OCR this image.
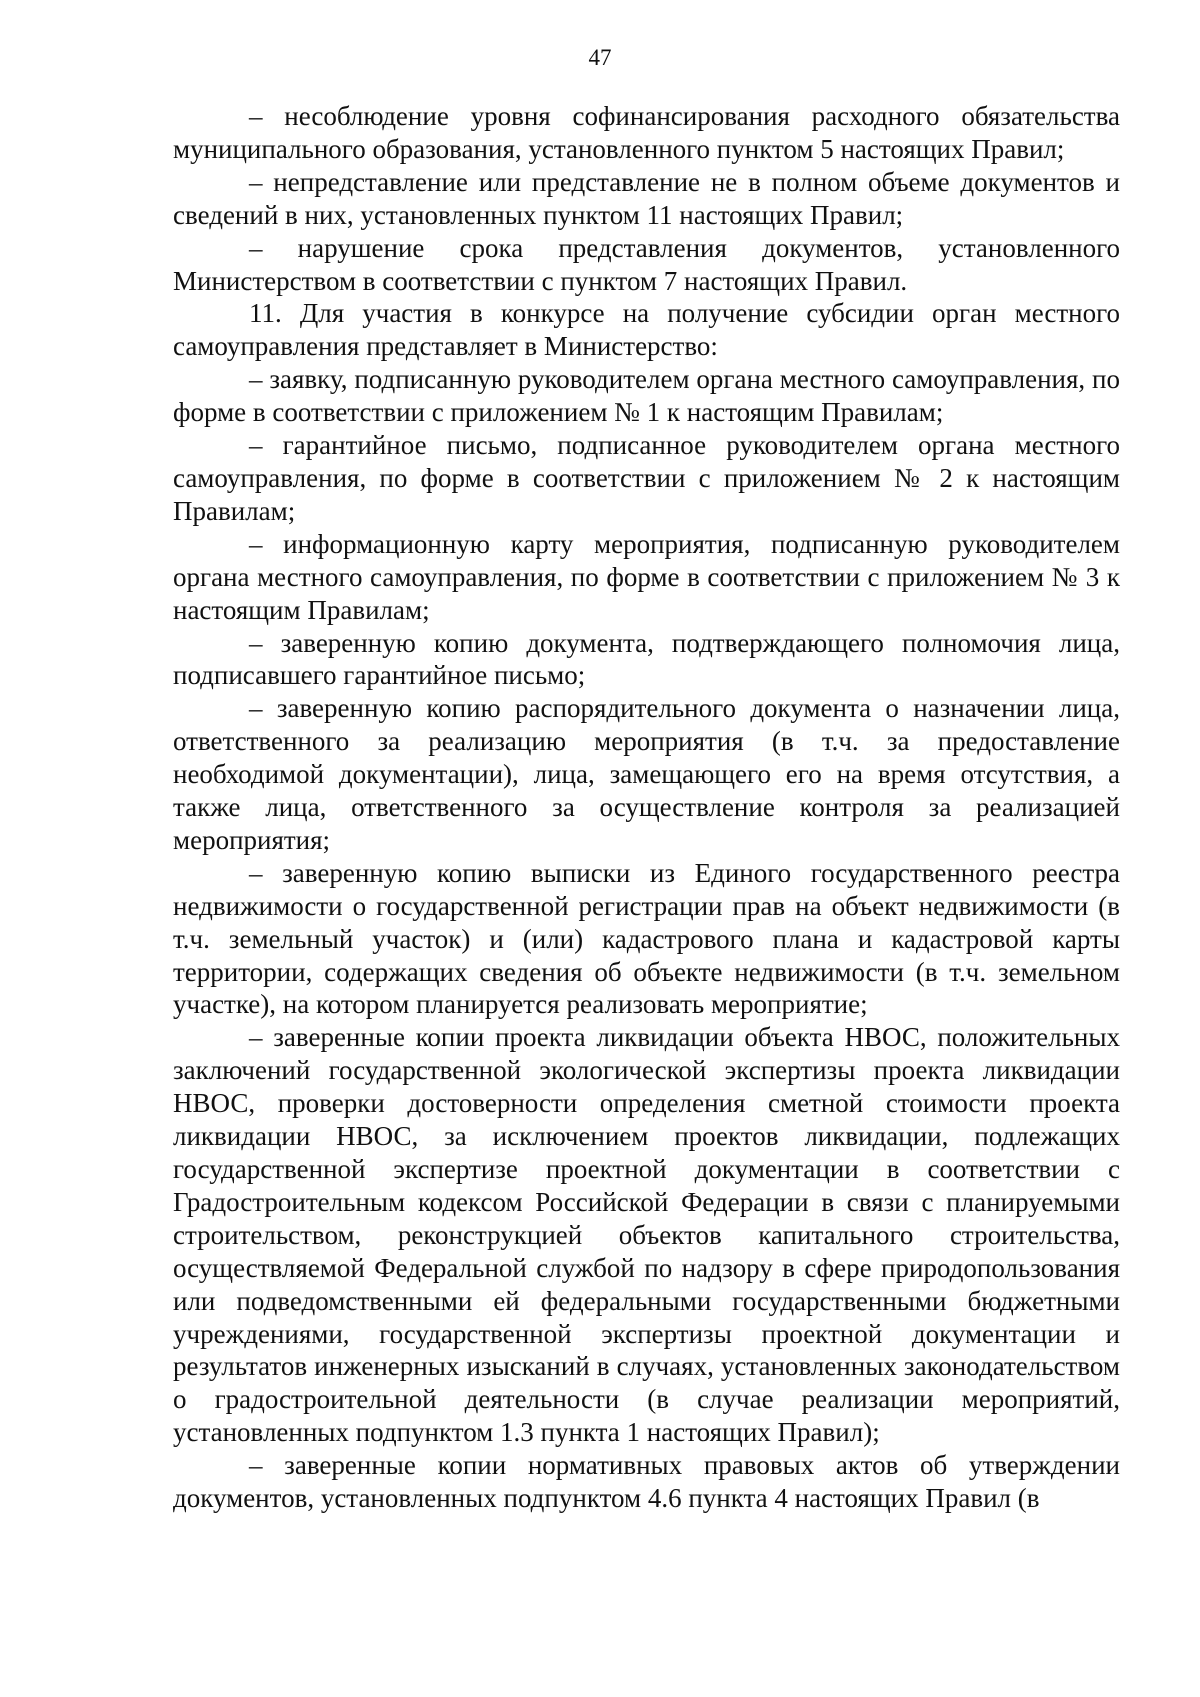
47

– несоблюдение уровня софинансирования расходного обязательства муниципального образования, установленного пунктом 5 настоящих Правил;

– непредставление или представление не в полном объеме документов и сведений в них, установленных пунктом 11 настоящих Правил;

– нарушение срока представления документов, установленного Министерством в соответствии с пунктом 7 настоящих Правил.

11. Для участия в конкурсе на получение субсидии орган местного самоуправления представляет в Министерство:

– заявку, подписанную руководителем органа местного самоуправления, по форме в соответствии с приложением № 1 к настоящим Правилам;

– гарантийное письмо, подписанное руководителем органа местного самоуправления, по форме в соответствии с приложением № 2 к настоящим Правилам;

– информационную карту мероприятия, подписанную руководителем органа местного самоуправления, по форме в соответствии с приложением № 3 к настоящим Правилам;

– заверенную копию документа, подтверждающего полномочия лица, подписавшего гарантийное письмо;

– заверенную копию распорядительного документа о назначении лица, ответственного за реализацию мероприятия (в т.ч. за предоставление необходимой документации), лица, замещающего его на время отсутствия, а также лица, ответственного за осуществление контроля за реализацией мероприятия;

– заверенную копию выписки из Единого государственного реестра недвижимости о государственной регистрации прав на объект недвижимости (в т.ч. земельный участок) и (или) кадастрового плана и кадастровой карты территории, содержащих сведения об объекте недвижимости (в т.ч. земельном участке), на котором планируется реализовать мероприятие;

– заверенные копии проекта ликвидации объекта НВОС, положительных заключений государственной экологической экспертизы проекта ликвидации НВОС, проверки достоверности определения сметной стоимости проекта ликвидации НВОС, за исключением проектов ликвидации, подлежащих государственной экспертизе проектной документации в соответствии с Градостроительным кодексом Российской Федерации в связи с планируемыми строительством, реконструкцией объектов капитального строительства, осуществляемой Федеральной службой по надзору в сфере природопользования или подведомственными ей федеральными государственными бюджетными учреждениями, государственной экспертизы проектной документации и результатов инженерных изысканий в случаях, установленных законодательством о градостроительной деятельности (в случае реализации мероприятий, установленных подпунктом 1.3 пункта 1 настоящих Правил);

– заверенные копии нормативных правовых актов об утверждении документов, установленных подпунктом 4.6 пункта 4 настоящих Правил (в
